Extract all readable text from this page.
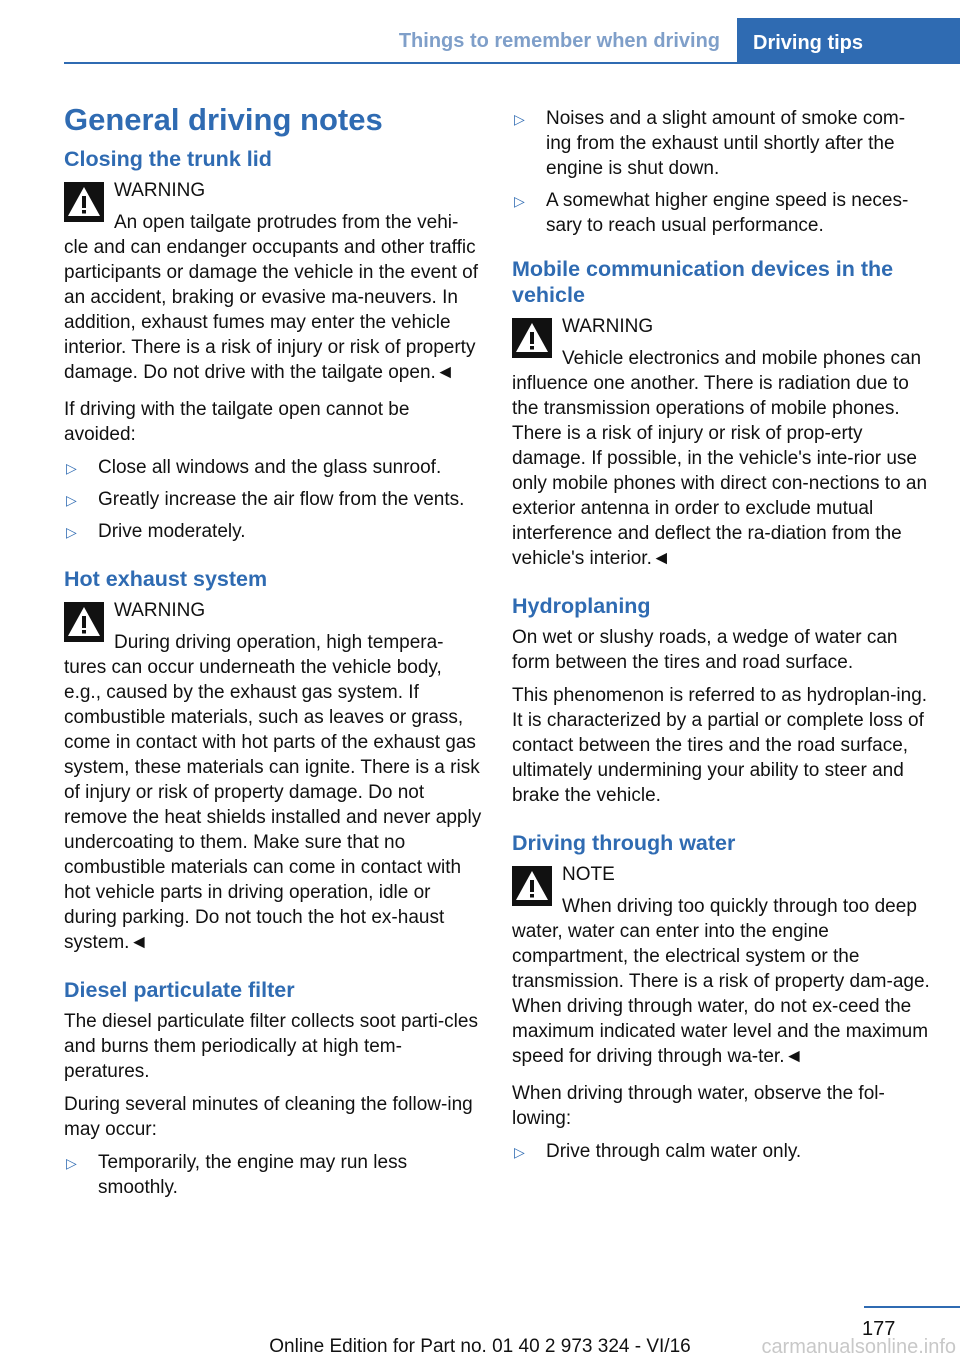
Things to remember when driving	Driving tips
General driving notes
Closing the trunk lid
WARNING
An open tailgate protrudes from the vehi-cle and can endanger occupants and other traffic participants or damage the vehicle in the event of an accident, braking or evasive ma-neuvers. In addition, exhaust fumes may enter the vehicle interior. There is a risk of injury or risk of property damage. Do not drive with the tailgate open.◄

If driving with the tailgate open cannot be avoided:

▷ Close all windows and the glass sunroof.
▷ Greatly increase the air flow from the vents.
▷ Drive moderately.
Hot exhaust system
WARNING
During driving operation, high tempera-tures can occur underneath the vehicle body, e.g., caused by the exhaust gas system. If combustible materials, such as leaves or grass, come in contact with hot parts of the exhaust gas system, these materials can ignite. There is a risk of injury or risk of property damage. Do not remove the heat shields installed and never apply undercoating to them. Make sure that no combustible materials can come in contact with hot vehicle parts in driving operation, idle or during parking. Do not touch the hot ex-haust system.◄
Diesel particulate filter

The diesel particulate filter collects soot parti-cles and burns them periodically at high tem-peratures.

During several minutes of cleaning the follow-ing may occur:

▷ Temporarily, the engine may run less smoothly.
▷ Noises and a slight amount of smoke com-ing from the exhaust until shortly after the engine is shut down.
▷ A somewhat higher engine speed is neces-sary to reach usual performance.
Mobile communication devices in the vehicle
WARNING
Vehicle electronics and mobile phones can influence one another. There is radiation due to the transmission operations of mobile phones. There is a risk of injury or risk of prop-erty damage. If possible, in the vehicle's inte-rior use only mobile phones with direct con-nections to an exterior antenna in order to exclude mutual interference and deflect the ra-diation from the vehicle's interior.◄
Hydroplaning

On wet or slushy roads, a wedge of water can form between the tires and road surface.

This phenomenon is referred to as hydroplan-ing. It is characterized by a partial or complete loss of contact between the tires and the road surface, ultimately undermining your ability to steer and brake the vehicle.

Driving through water
NOTE
When driving too quickly through too deep water, water can enter into the engine compartment, the electrical system or the transmission. There is a risk of property dam-age. When driving through water, do not ex-ceed the maximum indicated water level and the maximum speed for driving through wa-ter.◄

When driving through water, observe the fol-lowing:

▷ Drive through calm water only.
177
Online Edition for Part no. 01 40 2 973 324 - VI/16	carmanualsonline.info
